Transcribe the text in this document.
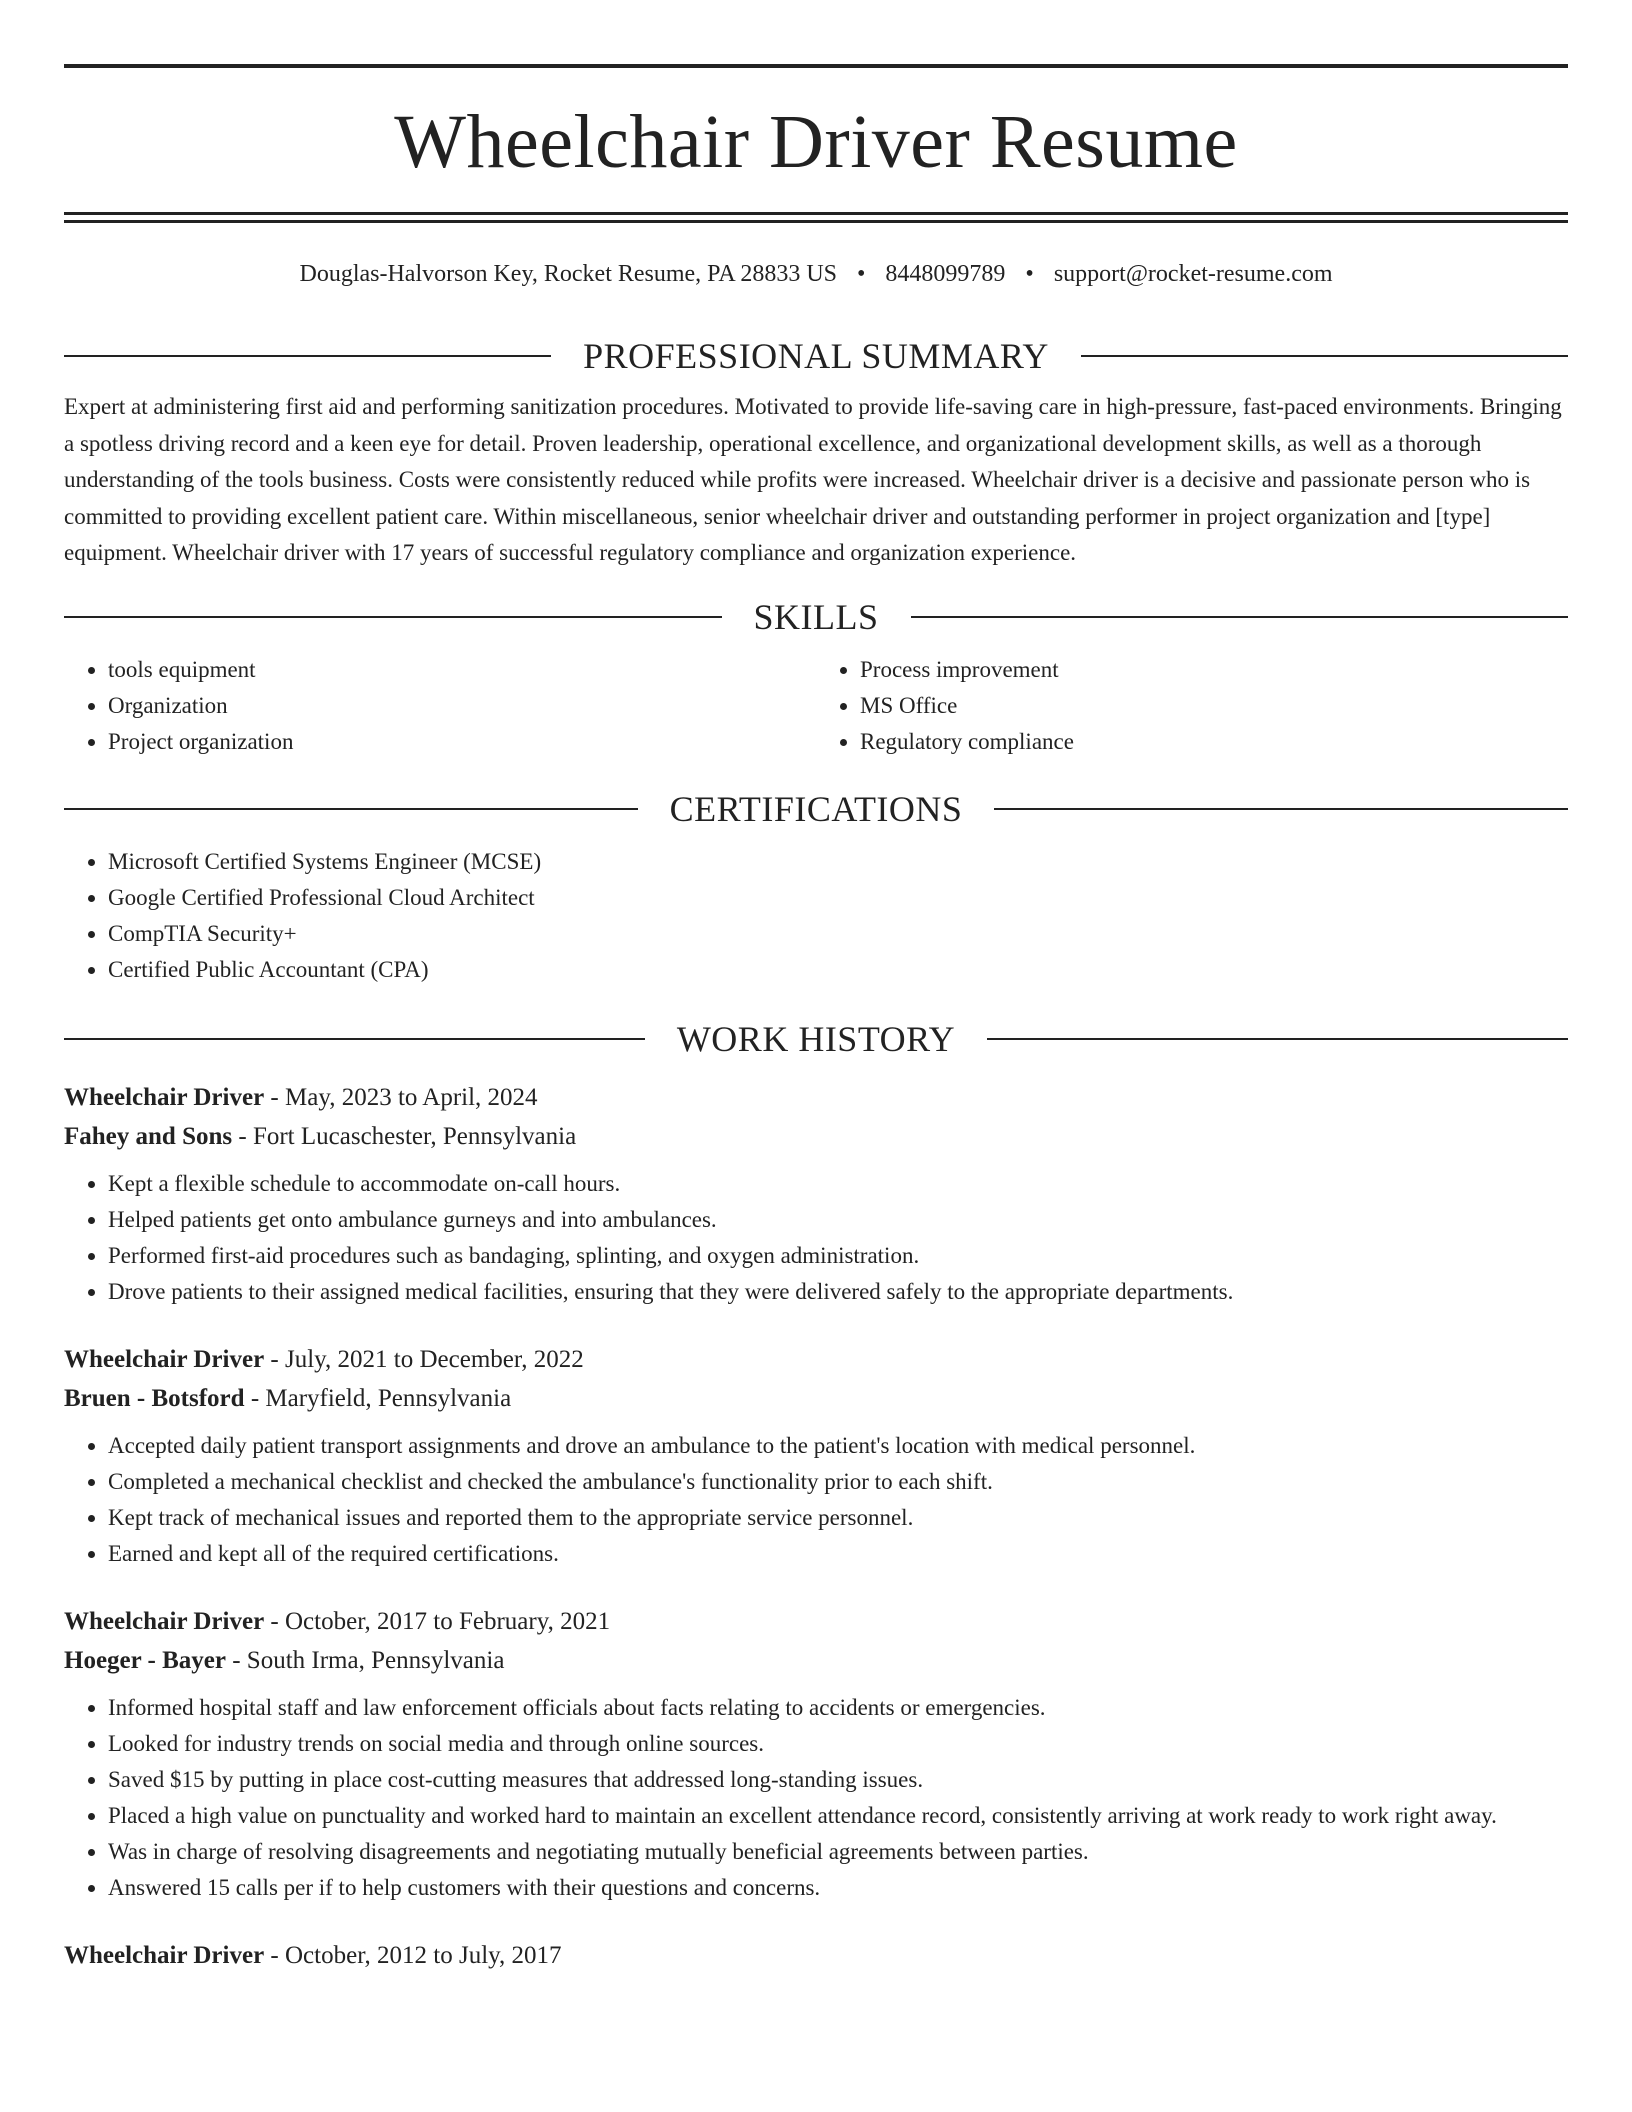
Wheelchair Driver Resume
Douglas-Halvorson Key, Rocket Resume, PA 28833 US • 8448099789 • support@rocket-resume.com
PROFESSIONAL SUMMARY

Expert at administering first aid and performing sanitization procedures. Motivated to provide life-saving care in high-pressure, fast-paced environments. Bringing a spotless driving record and a keen eye for detail. Proven leadership, operational excellence, and organizational development skills, as well as a thorough understanding of the tools business. Costs were consistently reduced while profits were increased. Wheelchair driver is a decisive and passionate person who is committed to providing excellent patient care. Within miscellaneous, senior wheelchair driver and outstanding performer in project organization and [type] equipment. Wheelchair driver with 17 years of successful regulatory compliance and organization experience.

SKILLS
• tools equipment
• Organization
• Project organization
• Process improvement
• MS Office
• Regulatory compliance
CERTIFICATIONS
• Microsoft Certified Systems Engineer (MCSE)
• Google Certified Professional Cloud Architect
• CompTIA Security+
• Certified Public Accountant (CPA)
WORK HISTORY
Wheelchair Driver - May, 2023 to April, 2024
Fahey and Sons - Fort Lucaschester, Pennsylvania
• Kept a flexible schedule to accommodate on-call hours.
• Helped patients get onto ambulance gurneys and into ambulances.
• Performed first-aid procedures such as bandaging, splinting, and oxygen administration.
• Drove patients to their assigned medical facilities, ensuring that they were delivered safely to the appropriate departments.
Wheelchair Driver - July, 2021 to December, 2022
Bruen - Botsford - Maryfield, Pennsylvania
• Accepted daily patient transport assignments and drove an ambulance to the patient's location with medical personnel.
• Completed a mechanical checklist and checked the ambulance's functionality prior to each shift.
• Kept track of mechanical issues and reported them to the appropriate service personnel.
• Earned and kept all of the required certifications.
Wheelchair Driver - October, 2017 to February, 2021
Hoeger - Bayer - South Irma, Pennsylvania
• Informed hospital staff and law enforcement officials about facts relating to accidents or emergencies.
• Looked for industry trends on social media and through online sources.
• Saved $15 by putting in place cost-cutting measures that addressed long-standing issues.
• Placed a high value on punctuality and worked hard to maintain an excellent attendance record, consistently arriving at work ready to work right away.
• Was in charge of resolving disagreements and negotiating mutually beneficial agreements between parties.
• Answered 15 calls per if to help customers with their questions and concerns.
Wheelchair Driver - October, 2012 to July, 2017
